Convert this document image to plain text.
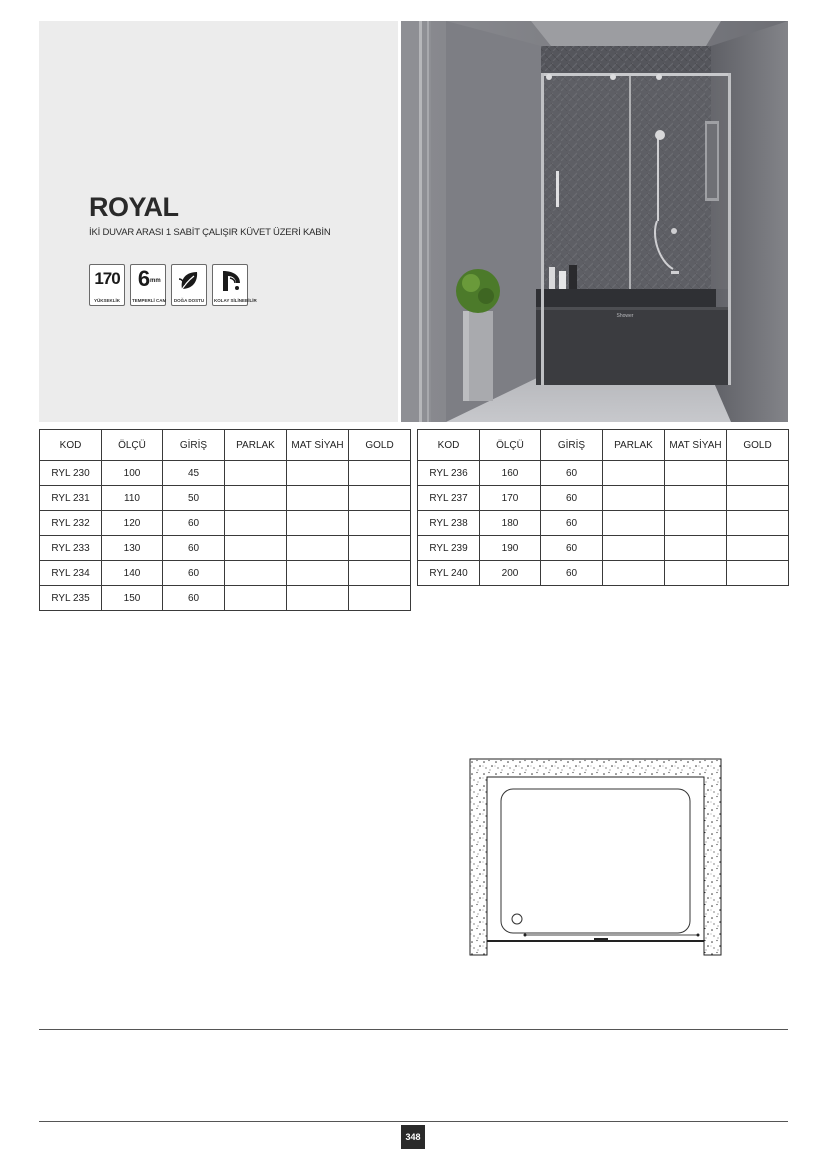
ROYAL

İKİ DUVAR ARASI 1 SABİT ÇALIŞIR KÜVET ÜZERİ KABİN

170
YÜKSEKLİK
6 mm
TEMPERLİ CAM DOĞA DOSTU KOLAY SİLİNEBİLİR
Shower
KOD	ÖLÇÜ	GİRİŞ	PARLAK	MAT SİYAH	GOLD
RYL 230	100	45			
RYL 231	110	50			
RYL 232	120	60			
RYL 233	130	60			
RYL 234	140	60			
RYL 235	150	60			
KOD	ÖLÇÜ	GİRİŞ	PARLAK	MAT SİYAH	GOLD
RYL 236	160	60			
RYL 237	170	60			
RYL 238	180	60			
RYL 239	190	60			
RYL 240	200	60			
348
